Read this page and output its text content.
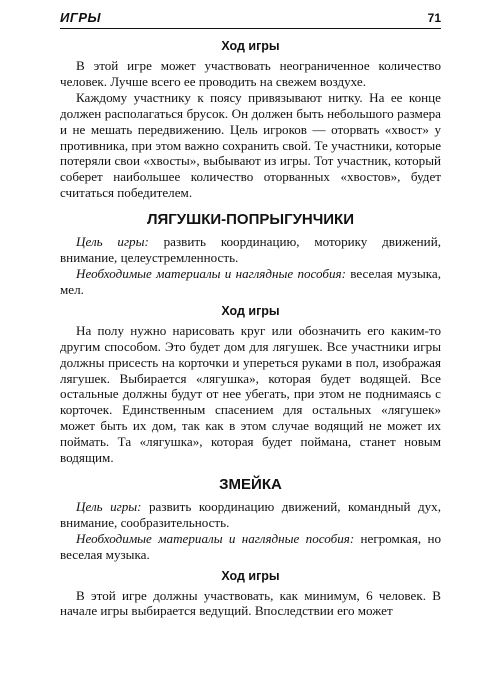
ИГРЫ	71
Ход игры

В этой игре может участвовать неограниченное количество человек. Лучше всего ее проводить на свежем воздухе.

Каждому участнику к поясу привязывают нитку. На ее конце должен располагаться брусок. Он должен быть небольшого размера и не мешать передвижению. Цель игроков — оторвать «хвост» у противника, при этом важно сохранить свой. Те участники, которые потеряли свои «хвосты», выбывают из игры. Тот участник, который соберет наибольшее количество оторванных «хвостов», будет считаться победителем.

ЛЯГУШКИ-ПОПРЫГУНЧИКИ

Цель игры: развить координацию, моторику движений, внимание, целеустремленность.

Необходимые материалы и наглядные пособия: веселая музыка, мел.

Ход игры

На полу нужно нарисовать круг или обозначить его каким-то другим способом. Это будет дом для лягушек. Все участники игры должны присесть на корточки и упереться руками в пол, изображая лягушек. Выбирается «лягушка», которая будет водящей. Все остальные должны будут от нее убегать, при этом не поднимаясь с корточек. Единственным спасением для остальных «лягушек» может быть их дом, так как в этом случае водящий не может их поймать. Та «лягушка», которая будет поймана, станет новым водящим.

ЗМЕЙКА

Цель игры: развить координацию движений, командный дух, внимание, сообразительность.

Необходимые материалы и наглядные пособия: негромкая, но веселая музыка.

Ход игры

В этой игре должны участвовать, как минимум, 6 человек. В начале игры выбирается ведущий. Впоследствии его может
